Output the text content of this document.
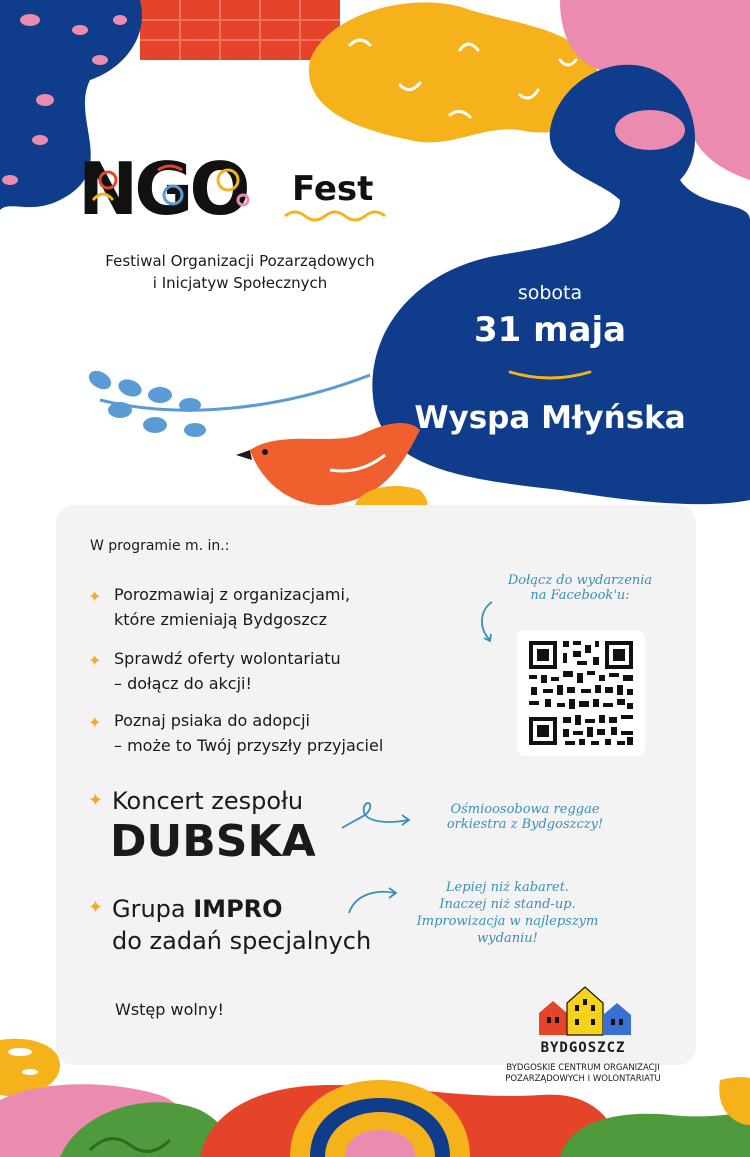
NGO Fest
Festiwal Organizacji Pozarządowych
i Inicjatyw Społecznych	sobota
31 maja
Wyspa Młyńska
W programie m. in.:
✦ Porozmawiaj z organizacjami,
które zmieniają Bydgoszcz
✦ Sprawdź oferty wolontariatu
– dołącz do akcji!
✦ Poznaj psiaka do adopcji
– może to Twój przyszły przyjaciel
✦ Koncert zespołu
DUBSKA
✦ Grupa IMPRO
do zadań specjalnych
Wstęp wolny!
Dołącz do wydarzenia
na Facebook'u:
Ośmioosobowa reggae
orkiestra z Bydgoszczy!
Lepiej niż kabaret.
Inaczej niż stand-up.
Improwizacja w najlepszym
wydaniu!
BYDGOSZCZ
BYDGOSKIE CENTRUM ORGANIZACJI
POZARZĄDOWYCH I WOLONTARIATU
